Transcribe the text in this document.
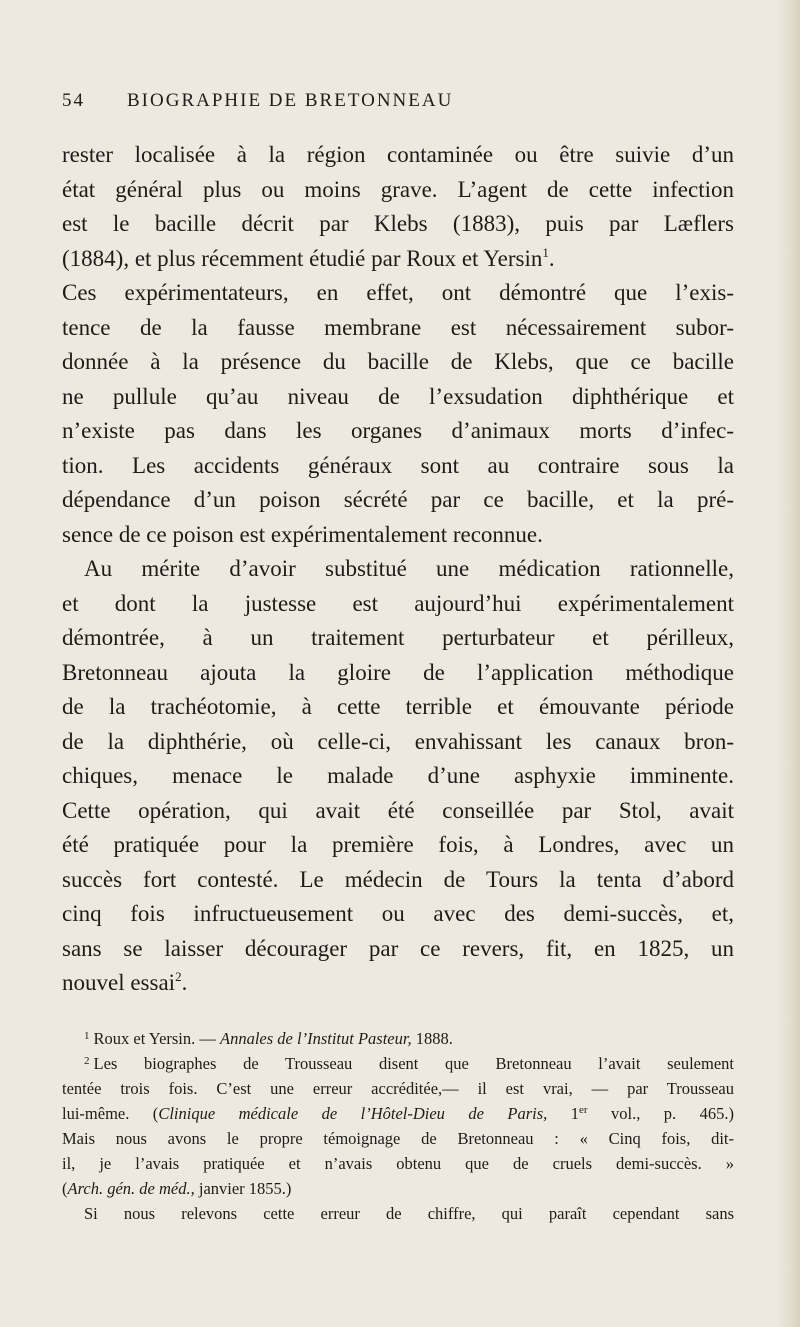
54 BIOGRAPHIE DE BRETONNEAU
rester localisée à la région contaminée ou être suivie d’un
état général plus ou moins grave. L’agent de cette infection
est le bacille décrit par Klebs (1883), puis par Læflers
(1884), et plus récemment étudié par Roux et Yersin$^1$.
Ces expérimentateurs, en effet, ont démontré que l’exis-
tence de la fausse membrane est nécessairement subor-
donnée à la présence du bacille de Klebs, que ce bacille
ne pullule qu’au niveau de l’exsudation diphthérique et
n’existe pas dans les organes d’animaux morts d’infec-
tion. Les accidents généraux sont au contraire sous la
dépendance d’un poison sécrété par ce bacille, et la pré-
sence de ce poison est expérimentalement reconnue.
Au mérite d’avoir substitué une médication rationnelle,
et dont la justesse est aujourd’hui expérimentalement
démontrée, à un traitement perturbateur et périlleux,
Bretonneau ajouta la gloire de l’application méthodique
de la trachéotomie, à cette terrible et émouvante période
de la diphthérie, où celle-ci, envahissant les canaux bron-
chiques, menace le malade d’une asphyxie imminente.
Cette opération, qui avait été conseillée par Stol, avait
été pratiquée pour la première fois, à Londres, avec un
succès fort contesté. Le médecin de Tours la tenta d’abord
cinq fois infructueusement ou avec des demi-succès, et,
sans se laisser décourager par ce revers, fit, en 1825, un
nouvel essai$^2$.
$^1$ Roux et Yersin. — Annales de l’Institut Pasteur, 1888.
$^2$ Les biographes de Trousseau disent que Bretonneau l’avait seulement
tentée trois fois. C’est une erreur accréditée,— il est vrai, — par Trousseau
lui-même. (Clinique médicale de l’Hôtel-Dieu de Paris, 1er vol., p. 465.)
Mais nous avons le propre témoignage de Bretonneau : « Cinq fois, dit-
il, je l’avais pratiquée et n’avais obtenu que de cruels demi-succès. »
(Arch. gén. de méd., janvier 1855.)
Si nous relevons cette erreur de chiffre, qui paraît cependant sans
